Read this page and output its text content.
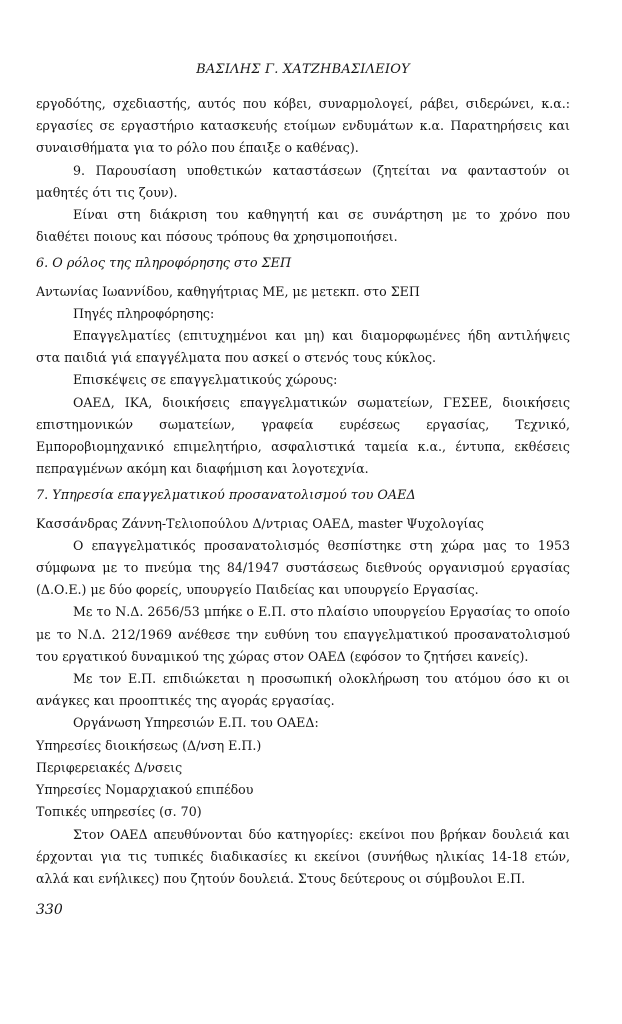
ΒΑΣΙΛΗΣ Γ. ΧΑΤΖΗΒΑΣΙΛΕΙΟΥ

εργοδότης, σχεδιαστής, αυτός που κόβει, συναρμολογεί, ράβει, σιδερώνει, κ.α.: εργασίες σε εργαστήριο κατασκευής ετοίμων ενδυμάτων κ.α. Παρατηρήσεις και συναισθήματα για το ρόλο που έπαιξε ο καθένας).

9. Παρουσίαση υποθετικών καταστάσεων (ζητείται να φανταστούν οι μαθητές ότι τις ζουν).

Είναι στη διάκριση του καθηγητή και σε συνάρτηση με το χρόνο που διαθέτει ποιους και πόσους τρόπους θα χρησιμοποιήσει.

6. Ο ρόλος της πληροφόρησης στο ΣΕΠ

Αντωνίας Ιωαννίδου, καθηγήτριας ΜΕ, με μετεκπ. στο ΣΕΠ

Πηγές πληροφόρησης:

Επαγγελματίες (επιτυχημένοι και μη) και διαμορφωμένες ήδη αντιλήψεις στα παιδιά γιά επαγγέλματα που ασκεί ο στενός τους κύκλος.

Επισκέψεις σε επαγγελματικούς χώρους:

ΟΑΕΔ, ΙΚΑ, διοικήσεις επαγγελματικών σωματείων, ΓΕΣΕΕ, διοικήσεις επιστημονικών σωματείων, γραφεία ευρέσεως εργασίας, Τεχνικό, Εμποροβιομηχανικό επιμελητήριο, ασφαλιστικά ταμεία κ.α., έντυπα, εκθέσεις πεπραγμένων ακόμη και διαφήμιση και λογοτεχνία.

7. Υπηρεσία επαγγελματικού προσανατολισμού του ΟΑΕΔ

Κασσάνδρας Ζάννη-Τελιοπούλου Δ/ντριας ΟΑΕΔ, master Ψυχολογίας

Ο επαγγελματικός προσανατολισμός θεσπίστηκε στη χώρα μας το 1953 σύμφωνα με το πνεύμα της 84/1947 συστάσεως διεθνούς οργανισμού εργασίας (Δ.Ο.Ε.) με δύο φορείς, υπουργείο Παιδείας και υπουργείο Εργασίας.

Με το Ν.Δ. 2656/53 μπήκε ο Ε.Π. στο πλαίσιο υπουργείου Εργασίας το οποίο με το Ν.Δ. 212/1969 ανέθεσε την ευθύνη του επαγγελματικού προσανατολισμού του εργατικού δυναμικού της χώρας στον ΟΑΕΔ (εφόσον το ζητήσει κανείς).

Με τον Ε.Π. επιδιώκεται η προσωπική ολοκλήρωση του ατόμου όσο κι οι ανάγκες και προοπτικές της αγοράς εργασίας.

Οργάνωση Υπηρεσιών Ε.Π. του ΟΑΕΔ:

Υπηρεσίες διοικήσεως (Δ/νση Ε.Π.)

Περιφερειακές Δ/νσεις

Υπηρεσίες Νομαρχιακού επιπέδου

Τοπικές υπηρεσίες (σ. 70)

Στον ΟΑΕΔ απευθύνονται δύο κατηγορίες: εκείνοι που βρήκαν δουλειά και έρχονται για τις τυπικές διαδικασίες κι εκείνοι (συνήθως ηλικίας 14-18 ετών, αλλά και ενήλικες) που ζητούν δουλειά. Στους δεύτερους οι σύμβουλοι Ε.Π.

330
